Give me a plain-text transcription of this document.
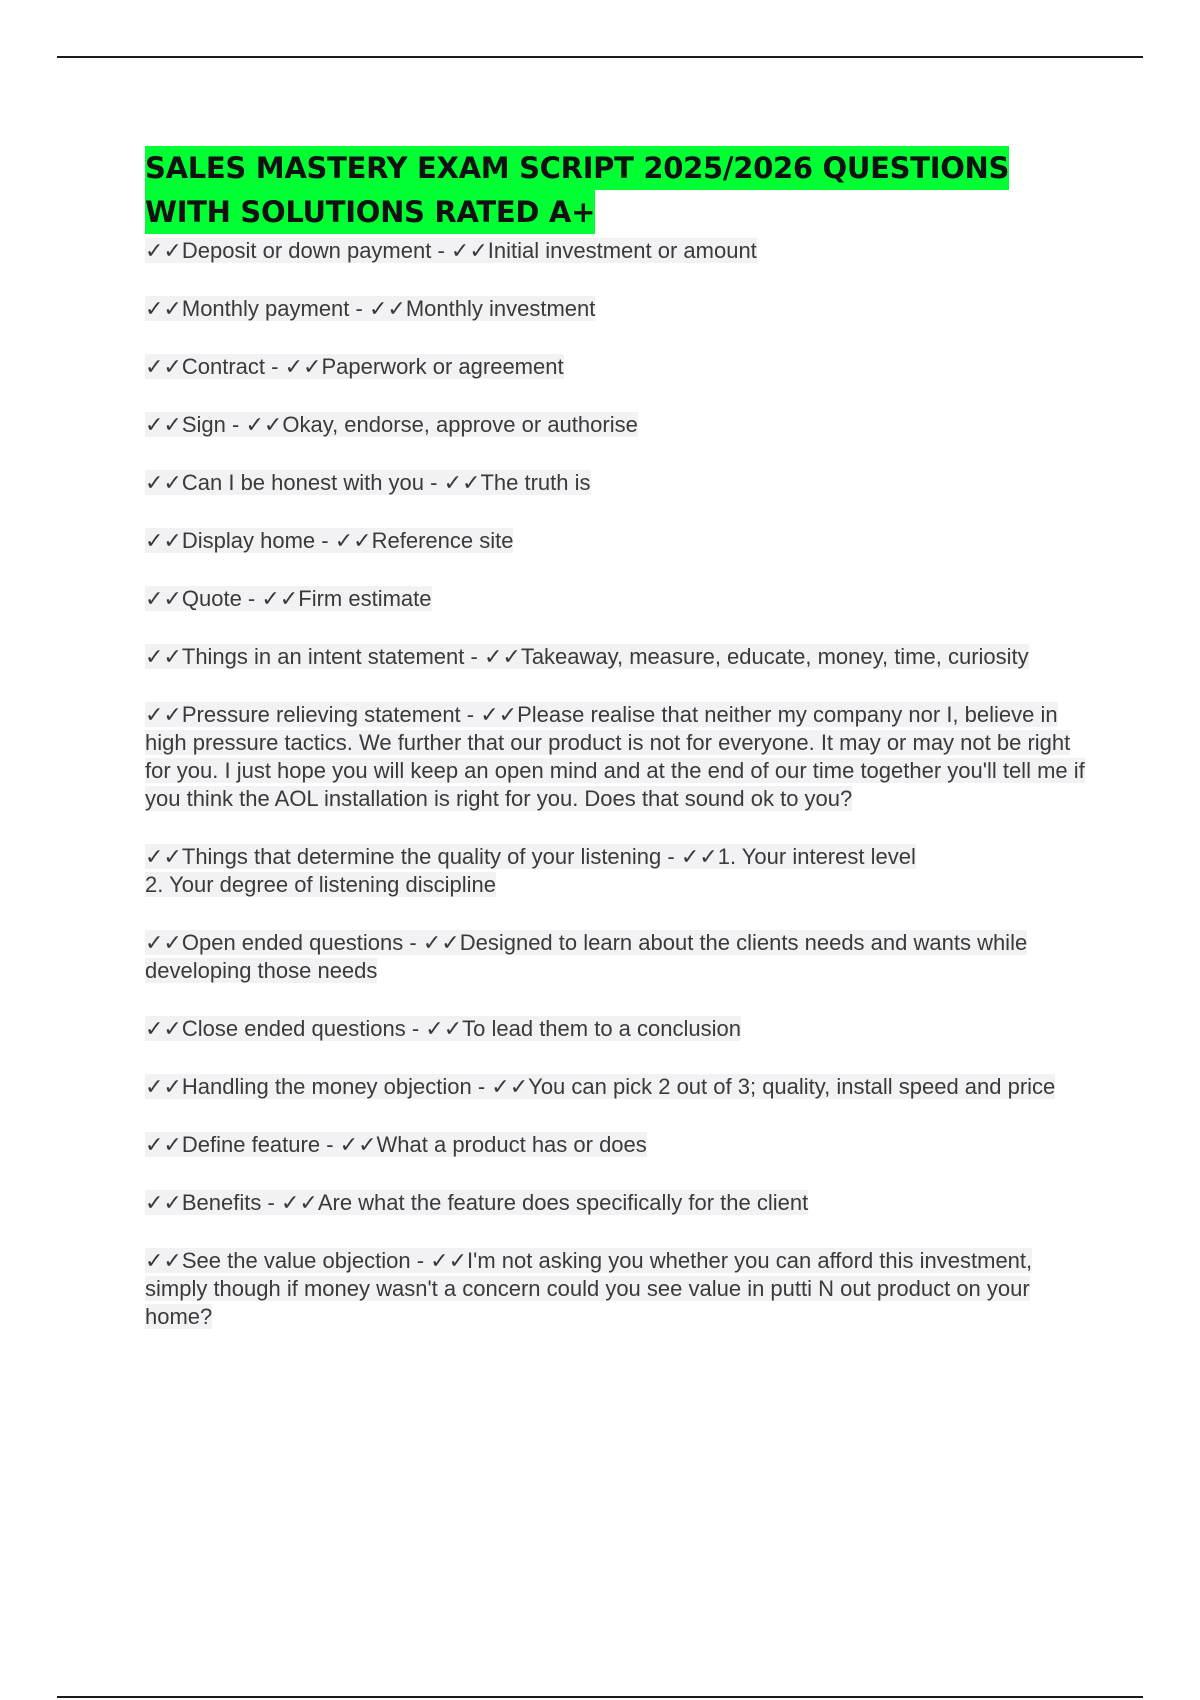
SALES MASTERY EXAM SCRIPT 2025/2026 QUESTIONS
WITH SOLUTIONS RATED A+

✓✓Deposit or down payment - ✓✓Initial investment or amount

✓✓Monthly payment - ✓✓Monthly investment

✓✓Contract - ✓✓Paperwork or agreement

✓✓Sign - ✓✓Okay, endorse, approve or authorise

✓✓Can I be honest with you - ✓✓The truth is

✓✓Display home - ✓✓Reference site

✓✓Quote - ✓✓Firm estimate

✓✓Things in an intent statement - ✓✓Takeaway, measure, educate, money, time, curiosity

✓✓Pressure relieving statement - ✓✓Please realise that neither my company nor I, believe in high pressure tactics. We further that our product is not for everyone. It may or may not be right for you. I just hope you will keep an open mind and at the end of our time together you'll tell me if you think the AOL installation is right for you. Does that sound ok to you?

✓✓Things that determine the quality of your listening - ✓✓1. Your interest level
2. Your degree of listening discipline

✓✓Open ended questions - ✓✓Designed to learn about the clients needs and wants while developing those needs

✓✓Close ended questions - ✓✓To lead them to a conclusion

✓✓Handling the money objection - ✓✓You can pick 2 out of 3; quality, install speed and price

✓✓Define feature - ✓✓What a product has or does

✓✓Benefits - ✓✓Are what the feature does specifically for the client

✓✓See the value objection - ✓✓I'm not asking you whether you can afford this investment, simply though if money wasn't a concern could you see value in putti N out product on your home?
